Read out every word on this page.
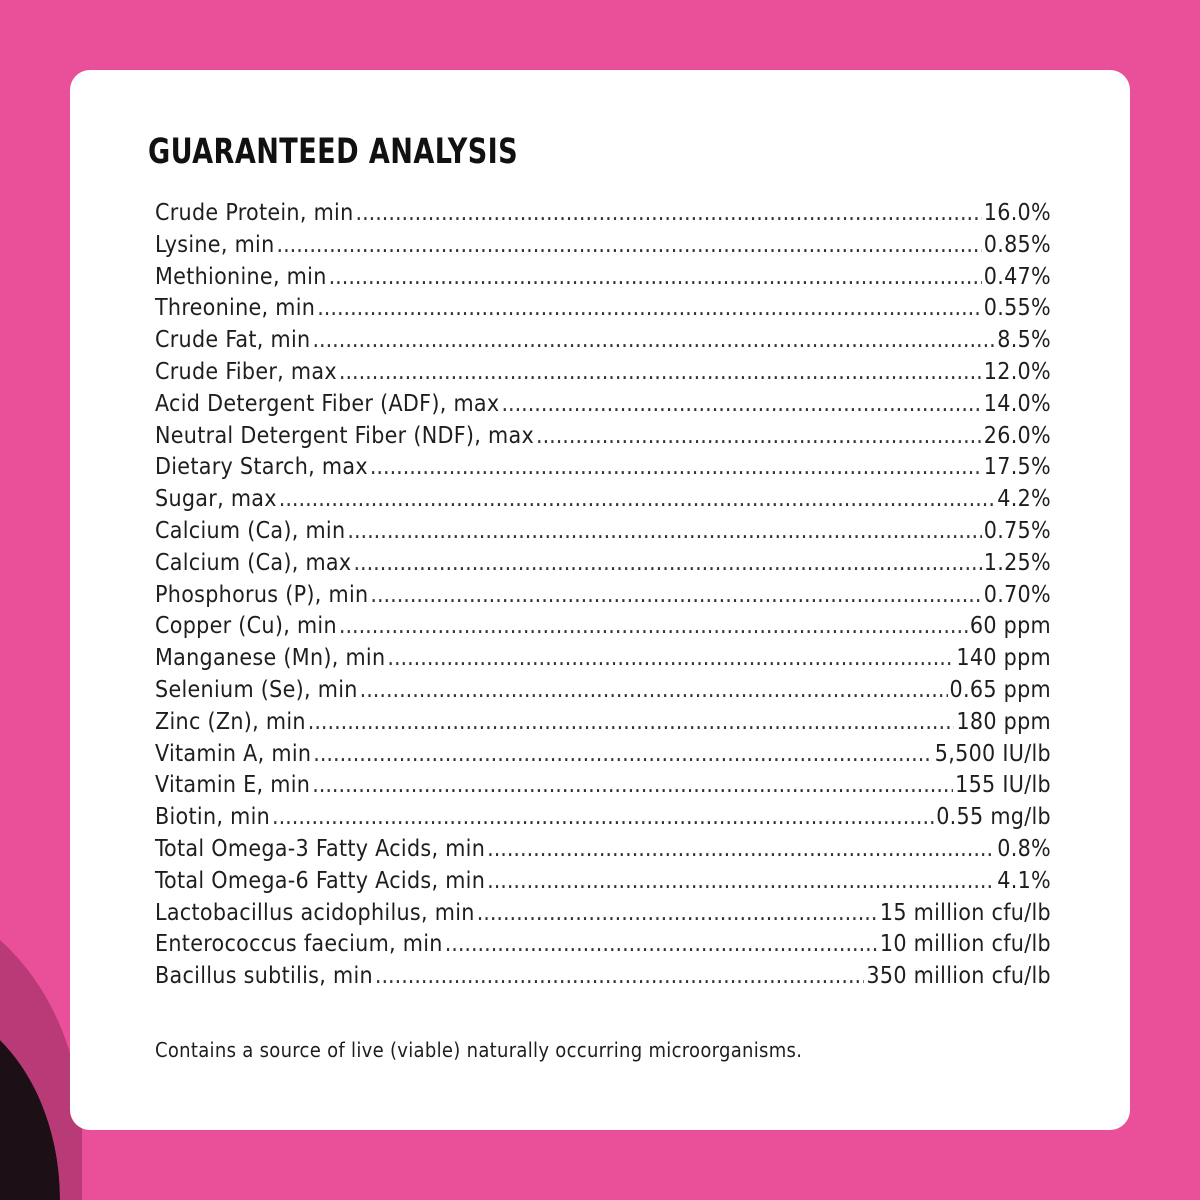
GUARANTEED ANALYSIS
Crude Protein, min .....	16.0%
Lysine, min .....	0.85%
Methionine, min .....	0.47%
Threonine, min .....	0.55%
Crude Fat, min .....	8.5%
Crude Fiber, max .....	12.0%
Acid Detergent Fiber (ADF), max .....	14.0%
Neutral Detergent Fiber (NDF), max .....	26.0%
Dietary Starch, max .....	17.5%
Sugar, max .....	4.2%
Calcium (Ca), min .....	0.75%
Calcium (Ca), max .....	1.25%
Phosphorus (P), min .....	0.70%
Copper (Cu), min .....	60 ppm
Manganese (Mn), min .....	140 ppm
Selenium (Se), min .....	0.65 ppm
Zinc (Zn), min .....	180 ppm
Vitamin A, min .....	5,500 IU/lb
Vitamin E, min .....	155 IU/lb
Biotin, min .....	0.55 mg/lb
Total Omega-3 Fatty Acids, min .....	0.8%
Total Omega-6 Fatty Acids, min .....	4.1%
Lactobacillus acidophilus, min .....	15 million cfu/lb
Enterococcus faecium, min .....	10 million cfu/lb
Bacillus subtilis, min .....	350 million cfu/lb

Contains a source of live (viable) naturally occurring microorganisms.
